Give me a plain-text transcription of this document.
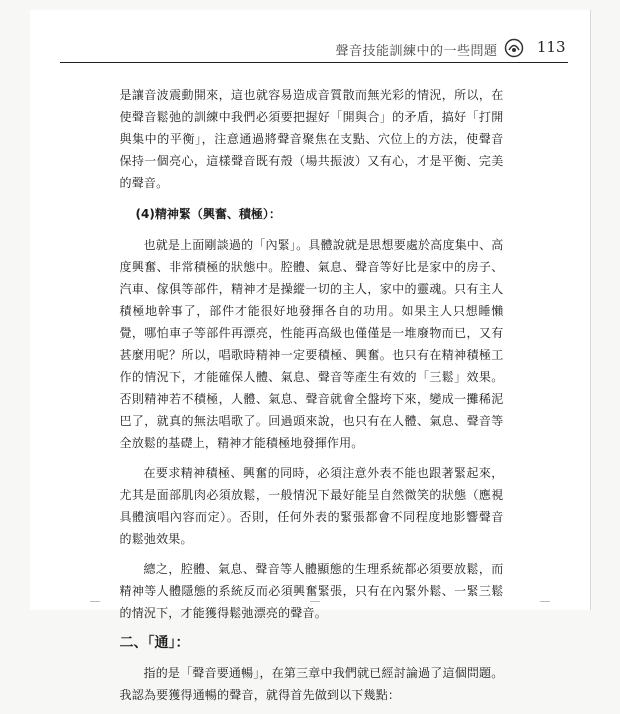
聲音技能訓練中的一些問題	113

是讓音波震動開來，這也就容易造成音質散而無光彩的情況，所以，在使聲音鬆弛的訓練中我們必須要把握好「開與合」的矛盾，搞好「打開與集中的平衡」，注意通過將聲音聚焦在支點、穴位上的方法，使聲音保持一個亮心，這樣聲音既有殼（場共振波）又有心，才是平衡、完美的聲音。

(4)精神緊（興奮、積極）：

也就是上面剛談過的「內緊」。具體說就是思想要處於高度集中、高度興奮、非常積極的狀態中。腔體、氣息、聲音等好比是家中的房子、汽車、傢俱等部件，精神才是操縱一切的主人，家中的靈魂。只有主人積極地幹事了，部件才能很好地發揮各自的功用。如果主人只想睡懶覺，哪怕車子等部件再漂亮，性能再高級也僅僅是一堆廢物而已，又有甚麼用呢？所以，唱歌時精神一定要積極、興奮。也只有在精神積極工作的情況下，才能確保人體、氣息、聲音等產生有效的「三鬆」效果。否則精神若不積極，人體、氣息、聲音就會全盤垮下來，變成一攤稀泥巴了，就真的無法唱歌了。回過頭來說，也只有在人體、氣息、聲音等全放鬆的基礎上，精神才能積極地發揮作用。

在要求精神積極、興奮的同時，必須注意外表不能也跟著緊起來，尤其是面部肌肉必須放鬆，一般情況下最好能呈自然微笑的狀態（應視具體演唱內容而定）。否則，任何外表的緊張都會不同程度地影響聲音的鬆弛效果。

總之，腔體、氣息、聲音等人體顯態的生理系統都必須要放鬆，而精神等人體隱態的系統反而必須興奮緊張，只有在內緊外鬆、一緊三鬆的情況下，才能獲得鬆弛漂亮的聲音。

二、「通」：

指的是「聲音要通暢」，在第三章中我們就已經討論過了這個問題。我認為要獲得通暢的聲音，就得首先做到以下幾點：
